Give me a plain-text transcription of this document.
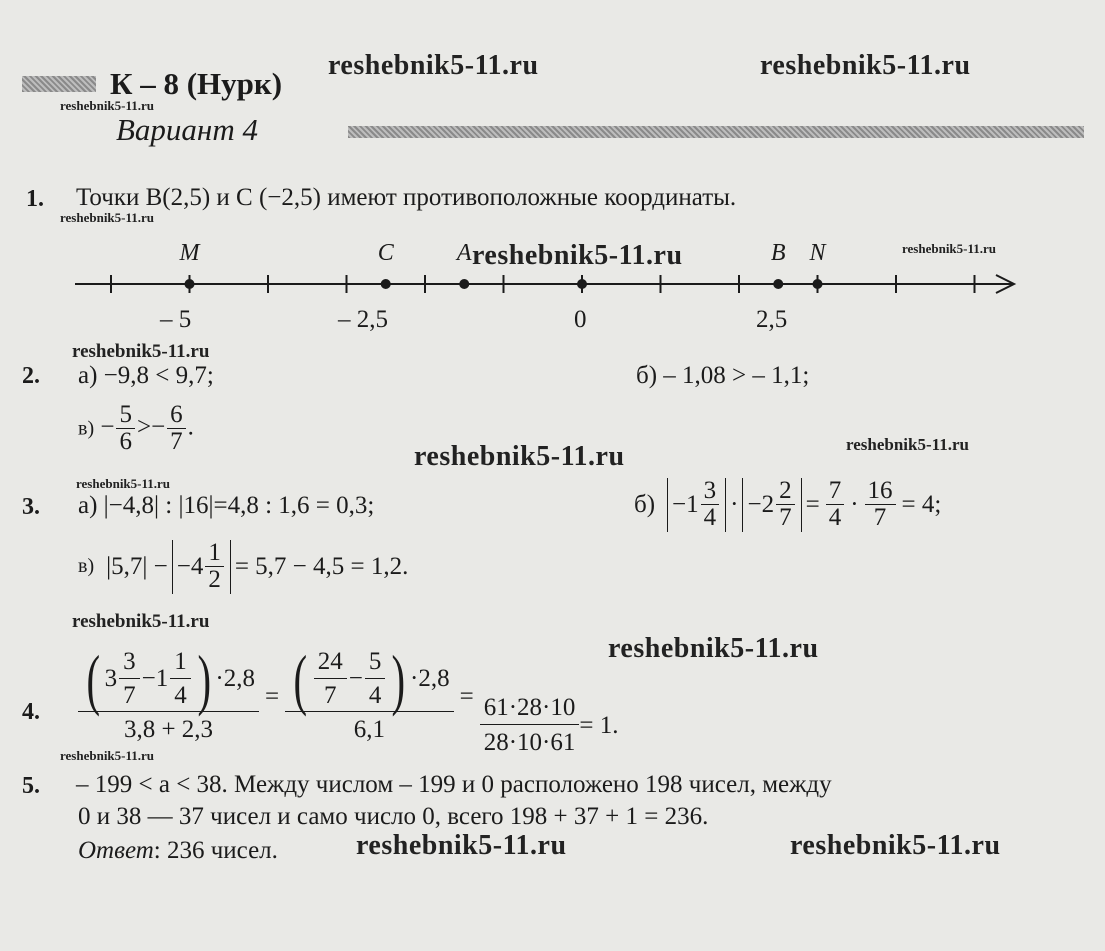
К – 8 (Нурк)
Вариант 4
reshebnik5-11.ru	reshebnik5-11.ru
reshebnik5-11.ru
reshebnik5-11.ru
reshebnik5-11.ru	reshebnik5-11.ru
reshebnik5-11.ru
reshebnik5-11.ru
reshebnik5-11.ru
reshebnik5-11.ru
reshebnik5-11.ru
reshebnik5-11.ru
reshebnik5-11.ru
reshebnik5-11.ru	reshebnik5-11.ru
1. Точки B(2,5) и C (−2,5) имеют противоположные координаты.
M	C	A	B N
– 5	– 2,5	0	2,5
2. а) −9,8 < 9,7;	б) – 1,08 > – 1,1;
$в) - \frac{5}{6} >- \frac{6}{7}$ .
3. а) |−4,8| : |16|=4,8 : 1,6 = 0,3;	$б) - 1 \frac{3}{4}$ · − $2 \frac{2}{7} = \frac{7}{4} \cdot \frac{16}{7} = 4$;
в) |5,7| − − $4 \frac{1}{2} = 5,7 - 4,5 = 1,2$.
4. $\frac{( 3 \frac{3}{7} - 1 \frac{1}{4} ) \cdot 2,8}{3,8 + 2,3} = \frac{( \frac{24}{7} - \frac{5}{4} ) \cdot 2,8}{6,1} = \frac{61\cdot 28\cdot 10}{28\cdot 10\cdot 61} = 1$.
5. – 199 < a < 38. Между числом – 199 и 0 расположено 198 чисел, между
0 и 38 — 37 чисел и само число 0, всего 198 + 37 + 1 = 236.
Ответ: 236 чисел.
